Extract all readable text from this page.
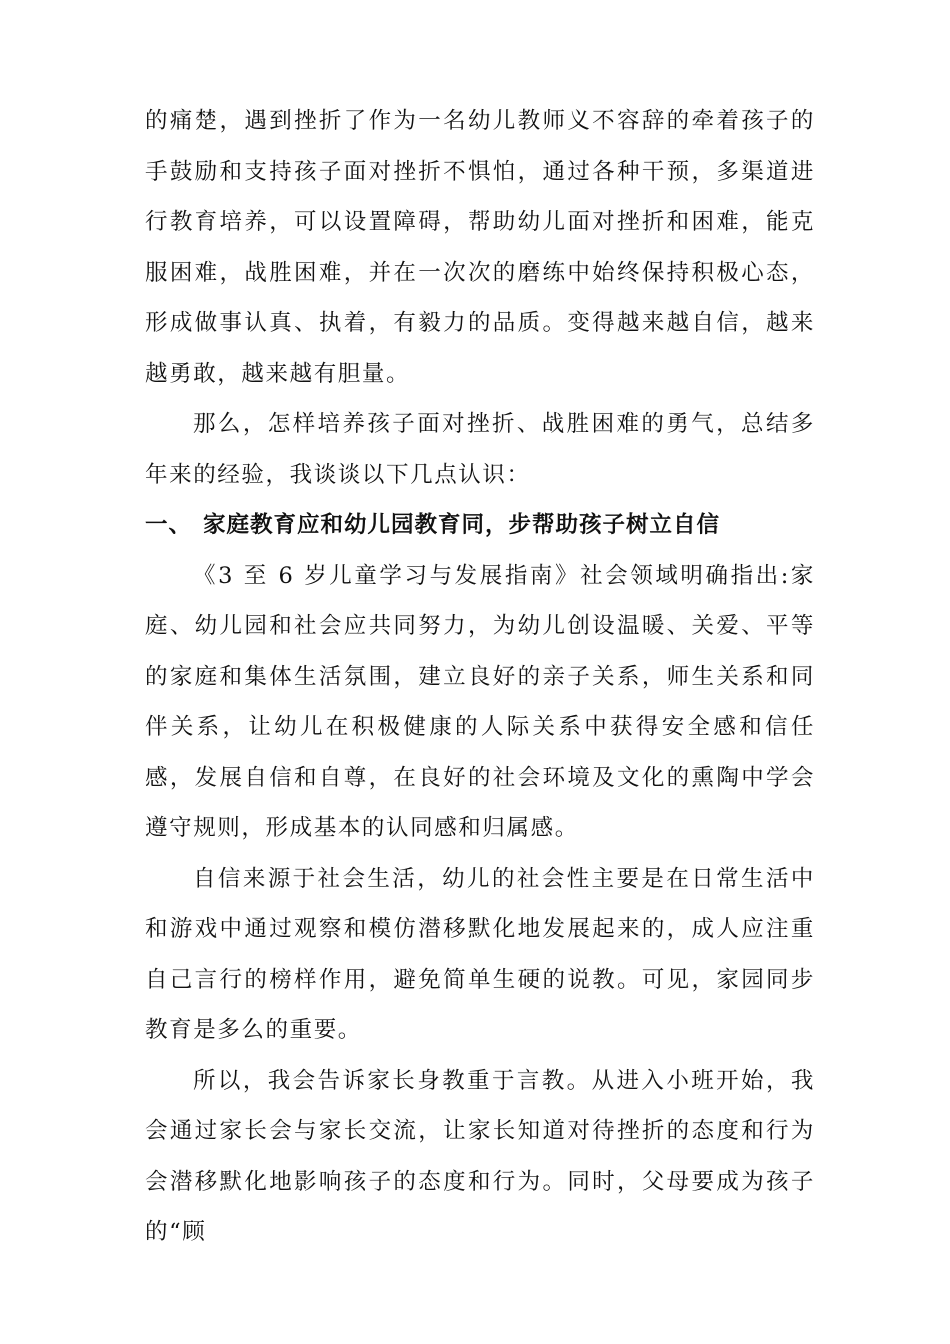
的痛楚，遇到挫折了作为一名幼儿教师义不容辞的牵着孩子的手鼓励和支持孩子面对挫折不惧怕，通过各种干预，多渠道进行教育培养，可以设置障碍，帮助幼儿面对挫折和困难，能克服困难，战胜困难，并在一次次的磨练中始终保持积极心态，形成做事认真、执着，有毅力的品质。变得越来越自信，越来越勇敢，越来越有胆量。

那么，怎样培养孩子面对挫折、战胜困难的勇气，总结多年来的经验，我谈谈以下几点认识：

一、 家庭教育应和幼儿园教育同，步帮助孩子树立自信

《3 至 6 岁儿童学习与发展指南》社会领域明确指出:家庭、幼儿园和社会应共同努力，为幼儿创设温暖、关爱、平等的家庭和集体生活氛围，建立良好的亲子关系，师生关系和同伴关系，让幼儿在积极健康的人际关系中获得安全感和信任感，发展自信和自尊，在良好的社会环境及文化的熏陶中学会遵守规则，形成基本的认同感和归属感。

自信来源于社会生活，幼儿的社会性主要是在日常生活中和游戏中通过观察和模仿潜移默化地发展起来的，成人应注重自己言行的榜样作用，避免简单生硬的说教。可见，家园同步教育是多么的重要。

所以，我会告诉家长身教重于言教。从进入小班开始，我会通过家长会与家长交流，让家长知道对待挫折的态度和行为会潜移默化地影响孩子的态度和行为。同时，父母要成为孩子的“顾
